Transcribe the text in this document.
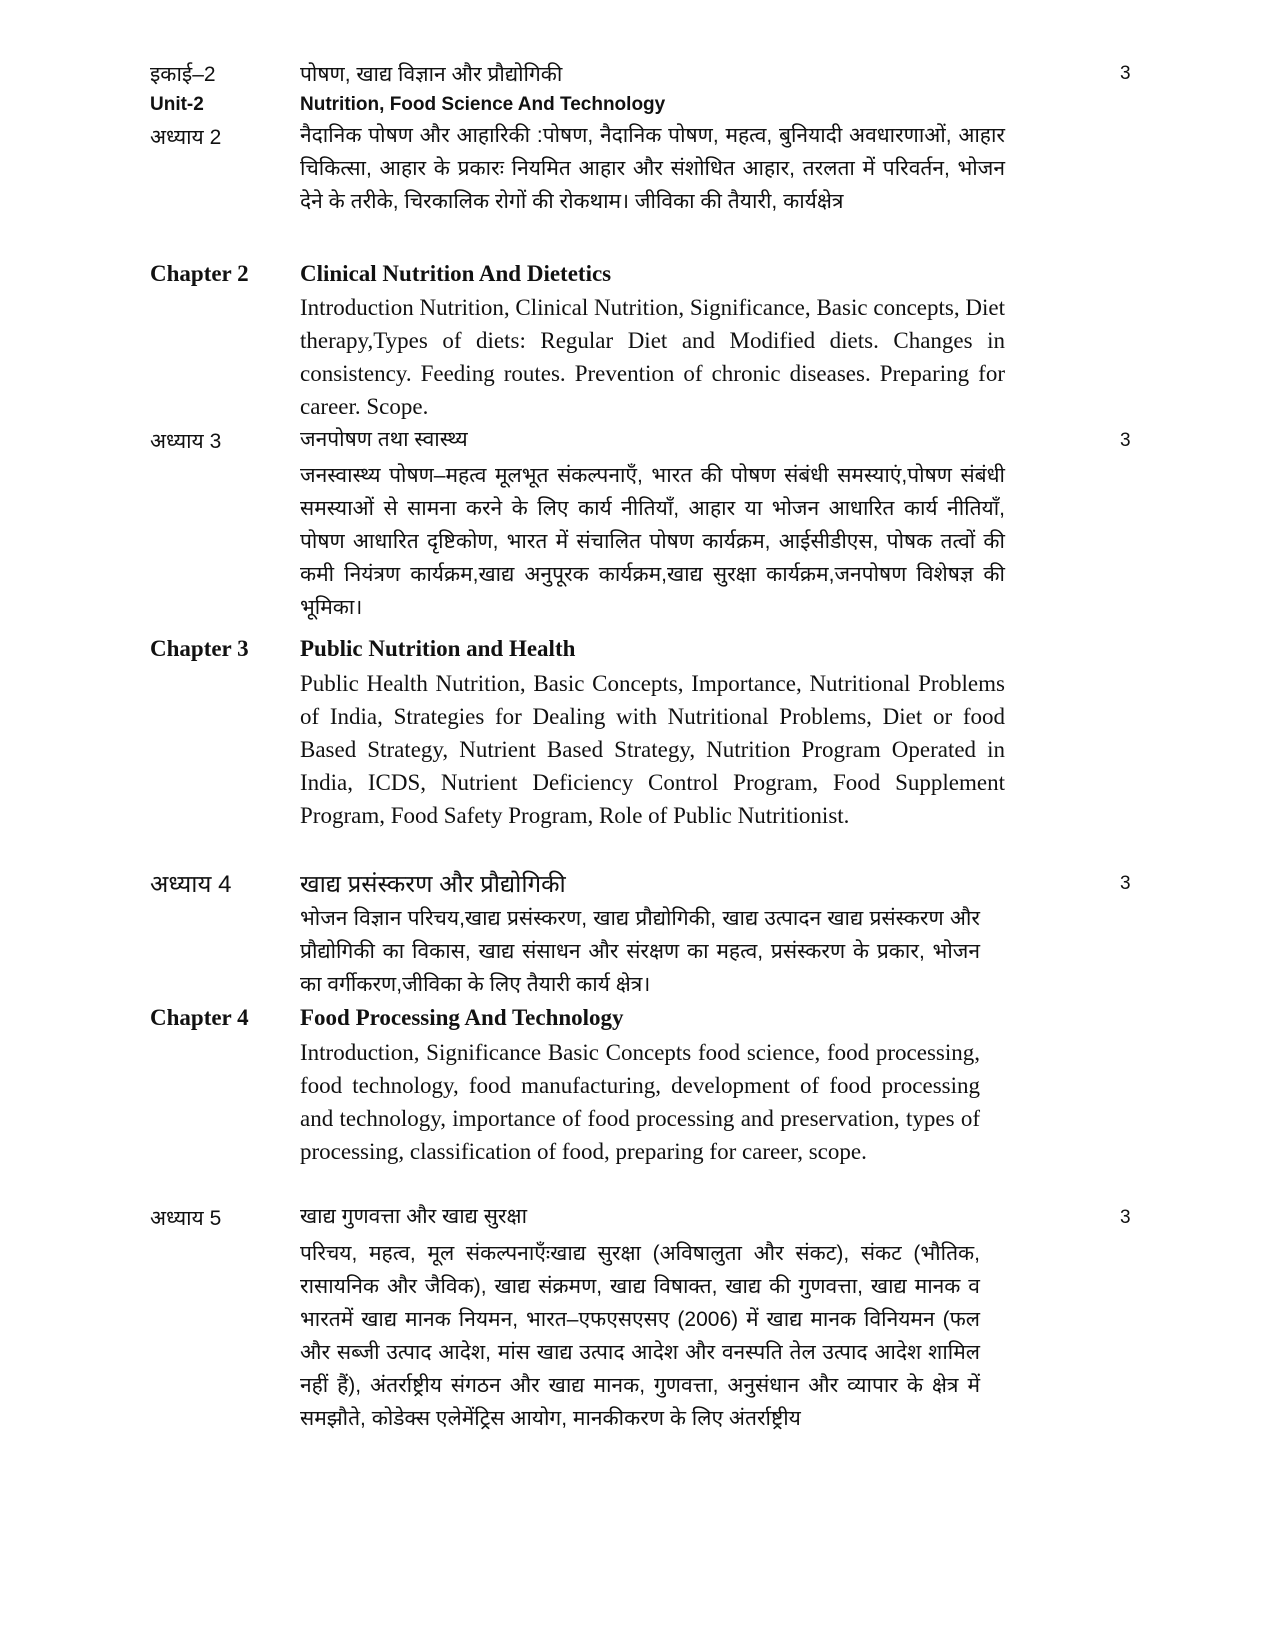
इकाई–2	पोषण, खाद्य विज्ञान और प्रौद्योगिकी	3
Unit-2	Nutrition, Food Science And Technology
अध्याय 2	नैदानिक पोषण और आहारिकी :पोषण, नैदानिक पोषण, महत्व, बुनियादी अवधारणाओं, आहार चिकित्सा, आहार के प्रकारः नियमित आहार और संशोधित आहार, तरलता में परिवर्तन, भोजन देने के तरीके, चिरकालिक रोगों की रोकथाम। जीविका की तैयारी, कार्यक्षेत्र
Chapter 2 Clinical Nutrition And Dietetics
Introduction Nutrition, Clinical Nutrition, Significance, Basic concepts, Diet therapy,Types of diets: Regular Diet and Modified diets. Changes in consistency. Feeding routes. Prevention of chronic diseases. Preparing for career. Scope.
अध्याय 3	जनपोषण तथा स्वास्थ्य	3
जनस्वास्थ्य पोषण–महत्व मूलभूत संकल्पनाएँ, भारत की पोषण संबंधी समस्याएं,पोषण संबंधी समस्याओं से सामना करने के लिए कार्य नीतियाँ, आहार या भोजन आधारित कार्य नीतियाँ, पोषण आधारित दृष्टिकोण, भारत में संचालित पोषण कार्यक्रम, आईसीडीएस, पोषक तत्वों की कमी नियंत्रण कार्यक्रम,खाद्य अनुपूरक कार्यक्रम,खाद्य सुरक्षा कार्यक्रम,जनपोषण विशेषज्ञ की भूमिका।
Chapter 3 Public Nutrition and Health
Public Health Nutrition, Basic Concepts, Importance, Nutritional Problems of India, Strategies for Dealing with Nutritional Problems, Diet or food Based Strategy, Nutrient Based Strategy, Nutrition Program Operated in India, ICDS, Nutrient Deficiency Control Program, Food Supplement Program, Food Safety Program, Role of Public Nutritionist.
अध्याय 4	खाद्य प्रसंस्करण और प्रौद्योगिकी	3
भोजन विज्ञान परिचय,खाद्य प्रसंस्करण, खाद्य प्रौद्योगिकी, खाद्य उत्पादन खाद्य प्रसंस्करण और प्रौद्योगिकी का विकास, खाद्य संसाधन और संरक्षण का महत्व, प्रसंस्करण के प्रकार, भोजन का वर्गीकरण,जीविका के लिए तैयारी कार्य क्षेत्र।
Chapter 4 Food Processing And Technology
Introduction, Significance Basic Concepts food science, food processing, food technology, food manufacturing, development of food processing and technology, importance of food processing and preservation, types of processing, classification of food, preparing for career, scope.
अध्याय 5	खाद्य गुणवत्ता और खाद्य सुरक्षा	3
परिचय, महत्व, मूल संकल्पनाएँःखाद्य सुरक्षा (अविषालुता और संकट), संकट (भौतिक, रासायनिक और जैविक), खाद्य संक्रमण, खाद्य विषाक्त, खाद्य की गुणवत्ता, खाद्य मानक व भारतमें खाद्य मानक नियमन, भारत–एफएसएसए (2006) में खाद्य मानक विनियमन (फल और सब्जी उत्पाद आदेश, मांस खाद्य उत्पाद आदेश और वनस्पति तेल उत्पाद आदेश शामिल नहीं हैं), अंतर्राष्ट्रीय संगठन और खाद्य मानक, गुणवत्ता, अनुसंधान और व्यापार के क्षेत्र में समझौते, कोडेक्स एलेमेंट्रिस आयोग, मानकीकरण के लिए अंतर्राष्ट्रीय
